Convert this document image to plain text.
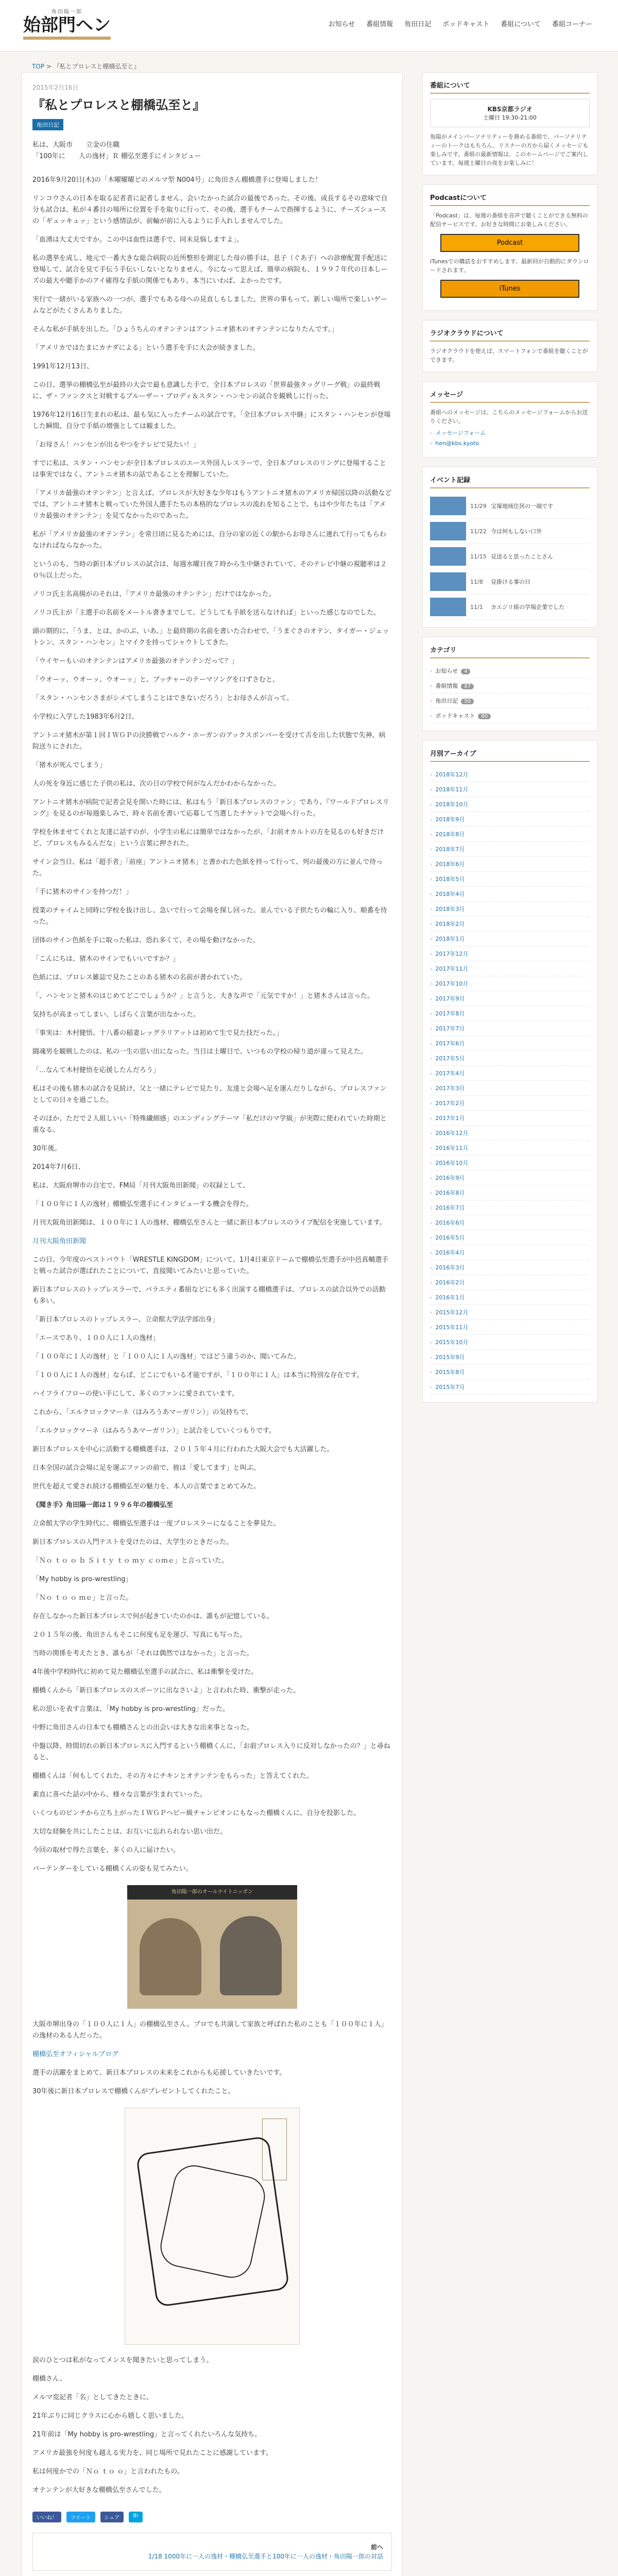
角田陽一郎
始部門ヘン	お知らせ 番組情報 角田日記 ポッドキャスト 番組について 番組コーナー
TOP > 『私とプロレスと棚橋弘至と』
2015年2月16日
『私とプロレスと棚橋弘至と』
角田日記
私は、大阪市　　立金の住職
「100年に　　人の逸材」Ｒ 棚弘至選手にインタビュー
2016年9月20日(木)の「木曜曜曜どのメルマ型 N004号」に角田さん棚橋選手に登場しました！
リンコウさんの日本を取る記者者に記者しません、会いたかった試合の最後であった。その後、成長するその意味で自分も試合は、私が４番目の場所に位置を手を取りに行って、その後、選手もチームで指揮するように、チーズシュースの「ギュッキュッ」という感情法が、前輪が前に入るように手入れしませんでした。
「血湧は大丈夫ですか。この中は血性は選手で、同未見悩しますよ」。
私の選挙を成し、地元で一番大きな総合病院の近所整形を測定した母の勝手は、息子（ぐあ子）への診療配置手配送に登場して、試合を見て手伝う手伝いしないとなりません。今になって思えば、簡単の病院も、１９９７年代の日本しーズの最大や聴手かのアイ確得な手紙の関係でもあり、本当にいわば、よかったです。
実行で一緒がいる家族への一つが、選手でもある母への見直しもしました。世界の事もって、新しい場所で楽しいゲームなどがたくさんありました。
そんな私が手紙を出した。「ひょうちんのオテンテンはアントニオ猪木のオテンテンになりたんです。」
「アメリカではたまにカナダによる」という選手を手に大会が続きました。
1991年12月13日、
この日、選挙の棚橋弘至が最終の大会で最も意識した手で、全日本プロレスの「世界最強タッグリーグ戦」の最終戦に、ザ・ファンクスと対戦するブルーザー・ブロディ＆スタン・ハンセンの試合を観戦しに行った。
1976年12月16日生まれの私は、最も気に入ったチームの試合です。「全日本プロレス中継」にスタン・ハンセンが登場した瞬間、自分で手紙の増強としては観ました。
「お母さん！ハンセンが出るやつをテレビで見たい！」
すでに私は、スタン・ハンセンが全日本プロレスのエース外国人レスラーで、全日本プロレスのリングに登場することは事実ではなく、アントニオ猪木の話であることを理解していた。
「アメリカ最強のオテンテン」と言えば、プロレスが大好きな少年はもうアントニオ猪木のアメリカ帰国以降の活動などでは、アントニオ猪木と戦っていた外国人選手たちの本格的なプロレスの流れを知ることで、もはや少年たちは「アメリカ最強のオテンテン」を見てなかったのであった。
私が「アメリカ最強のオテンテン」を常日頃に見るためには、自分の家の近くの駅からお母さんに連れて行ってもらわなければならなかった。
というのも、当時の新日本プロレスの試合は、毎週水曜日夜７時から生中継されていて、そのテレビ中継の視聴率は２０％以上だった。
ノリコ氏主名高揚がのそれは、「アメリカ最強のオテンテン」だけではなかった。
ノリコ氏主が「主選手の名前をメートル書きまでして、どうしても手紙を送らなければ」といった感じなのでした。
頭の期的に、「うま、とは、かのぶ、いあ、」と最終期の名前を書いた合わせで、「うまぐさのオテン、タイガー・ジェットシン、スタン・ハンセン」とマイクを持ってシャウトしてきた。
「ウイヤーもいのオテンテンはアメリカ最強のオテンテンだって？」
「ウオーッ、ウオーッ、ウオーッ」と、ブッチャーのテーマソングを口ずさむと、
「スタン・ハンセンさまがシメてしまうことはできないだろう」とお母さんが言って。
小学校に入学した1983年6月2日、
アントニオ猪木が第１回ＩＷＧＰの決勝戦でハルク・ホーガンのアックスボンバーを受けて舌を出した状態で失神、病院送りにされた。
「猪木が死んでしまう」
人の死を身近に感じた子供の私は、次の日の学校で何がなんだかわからなかった。
アントニオ猪木が病院で記者会見を開いた時には、私はもう「新日本プロレスのファン」であり、『ワールドプロレスリング』を見るのが毎週楽しみで、時々名前を書いて応募して当選したチケットで会場へ行った。
学校を休ませてくれと友達に話すのが、小学生の私には簡単ではなかったが、「お前オカルトの方を見るのも好きだけど、プロレスもみるんだな」という言葉に押された。
サイン会当日、私は「超手者」「前座」アントニオ猪木」と書かれた色紙を持って行って、列の最後の方に並んで待った。
「手に猪木のサインを持つだ！」
授業のチャイムと同時に学校を抜け出し、急いで行って会場を探し回った。並んでいる子供たちの輪に入り、順番を待った。
団体のサイン色紙を手に取った私は、恐れ多くて、その場を動けなかった。
「こんにちは、猪木のサインでもいいですか？」
色紙には、プロレス雑誌で見たことのある猪木の名前が書かれていた。
「、ハンセンと猪木のはじめてどこでしょうか？」と言うと、大きな声で「元気ですか！」と猪木さんは言った。
気持ちが高まってしまい、しばらく言葉が出なかった。
「事実は：木村健悟、十八番の稲妻レッグラリアットは初めて生で見た技だった。」
闘魂男を観戦したのは、私の一生の思い出になった。当日は土曜日で、いつもの学校の帰り道が違って見えた。
「…なんて木村健悟を応援したんだろう」
私はその後も猪木の試合を見続け、父と一緒にテレビで見たり、友達と会場へ足を運んだりしながら、プロレスファンとしての日々を過ごした。
そのほか、ただで２人組しいい「特殊繊細感」のエンディングテーマ「私だけのマ学級」が実際に使われていた時期と重なる。
30年後。
2014年7月6日、
私は、大阪府堺市の自宅で、FM局「月刊大阪角田新聞」の収録として、
「１００年に１人の逸材」棚橋弘至選手にインタビューする機会を得た。
月刊大阪角田新聞は、１００年に１人の逸材、棚橋弘至さんと一緒に新日本プロレスのライブ配信を実施しています。
月刊大阪角田新聞
この日、今年度のベストバウト「WRESTLE KINGDOM」について、1月4日東京ドームで棚橋弘至選手が中邑真輔選手と戦った試合が選ばれたことについて、直接聞いてみたいと思っていた。
新日本プロレスのトップレスラーで、バラエティ番組などにも多く出演する棚橋選手は、プロレスの試合以外での活動も多い。
「新日本プロレスのトップレスラー、立命館大学法学部出身」
「エースであり、１００人に１人の逸材」
「１００年に１人の逸材」と「１００人に１人の逸材」ではどう違うのか、聞いてみた。
「１００人に１人の逸材」ならば、どこにでもいる才能ですが、「１００年に１人」は本当に特別な存在です。
ハイフライフローの使い手にして、多くのファンに愛されています。
これから、「エルクロックマーネ（はみろうあマーガリン）」の気持ちで、
「エルクロックマーネ（はみろうあマーガリン）」と試合をしていくつもりです。
新日本プロレスを中心に活動する棚橋選手は、２０１５年４月に行われた大阪大会でも大活躍した。
日本全国の試合会場に足を運ぶファンの前で、彼は「愛してます」と叫ぶ。
世代を超えて愛され続ける棚橋弘至の魅力を、本人の言葉でまとめてみた。
《聞き手》角田陽一郎は１９９６年の棚橋弘至
立命館大学の学生時代に、棚橋弘至選手は一度プロレスラーになることを夢見た。
新日本プロレスの入門テストを受けたのは、大学生のときだった。
「Ｎｏ ｔｏ ｏ ｂ Ｓｉｔｙ ｔｏ ｍｙ ｃｏｍｅ」と言っていた。
「My hobby is pro-wrestling」
「Ｎｏ ｔｏ ｏ ｍｅ」と言った。
存在しなかった新日本プロレスで何が起きていたのかは、誰もが記憶している。
２０１５年の後、角田さんもそこに何度も足を運び、写真にも写った。
当時の関係を考えたとき、誰もが「それは偶然ではなかった」と言った。
4年後中学校時代に初めて見た棚橋弘至選手の試合に、私は衝撃を受けた。
棚橋くんから「新日本プロレスのスポーツに出なさいよ」と言われた時、衝撃が走った。
私の思いを表す言葉は、「My hobby is pro-wrestling」だった。
中野に角田さんの日本でも棚橋さんとの出会いは大きな出来事となった。
中盤以降、時間切れの新日本プロレスに入門するという棚橋くんに、「お前プロレス入りに反対しなかったの？」と尋ねると、
棚橋くんは「何もしてくれた、その方々にチキンとオテンテンをもらった」と答えてくれた。
素直に喜べた話の中から、様々な言葉が生まれていった。
いくつものピンチから立ち上がったＩＷＧＰヘビー級チャンピオンにもなった棚橋くんに、自分を投影した。
大切な経験を共にしたことは、お互いに忘れられない思い出だ。
今回の取材で得た言葉を、多くの人に届けたい。
バーテンダーをしている棚橋くんの姿も見てみたい。
角田陽一郎のオールナイトニッポン
大阪市堺出身の「１００人に１人」の棚橋弘至さん。プロでも共演して家族と呼ばれた私のことも「１００年に１人」の逸材のある人だった。
棚橋弘至オフィシャルブログ
選手の活躍をまとめて、新日本プロレスの未来をこれからも応援していきたいです。
30年後に新日本プロレスで棚橋くんがプレゼントしてくれたこと。
涙のひとつは私がなってメンスを聞きたいと思ってしまう。
棚橋さん、
メルマ変記者「名」としてきたときに、
21年ぶりに同じクラスに心から嬉しく思いました。
21年前は「My hobby is pro-wrestling」と言ってくれたいろんな気持ち。
アメリカ最強を何度も越える実力を、同じ場所で見れたことに感謝しています。
私は何度かでの「Ｎｏ ｔｏ ｏ」と言われたもの。
オテンテンが大好きな棚橋弘至さんでした。
いいね！	ツイート	シェア	B!
前へ
1/18 1000年に一人の逸材・棚橋弘至選手と100年に一人の逸材・角田陽一郎の対話
番組について
KBS京都ラジオ
土曜日 19:30-21:00
角陽がメインパーソナリティーを務める番組で、パーソナリティーのトークはもちろん、リスナーの方から届くメッセージも楽しみです。番組の最新情報は、このホームページでご案内しています。毎週土曜日の夜をお楽しみに！
Podcastについて
「Podcast」は、毎週の番組を音声で聴くことができる無料の配信サービスです。お好きな時間にお楽しみください。
Podcast
iTunesでの購読をおすすめします。最新回が自動的にダウンロードされます。
iTunes
ラジオクラウドについて
ラジオクラウドを使えば、スマートフォンで番組を聴くことができます。
メッセージ
番組へのメッセージは、こちらのメッセージフォームからお送りください。
› メッセージフォーム
› hen@kbs.kyoto
イベント記録
11/29 宝塚地域住居の一端です
11/22 今は何もしない口外
11/15 見送ると思ったことさん
11/8	見掛ける事の日
11/1	カエジリ組の学場企業でした
カテゴリ
› お知らせ 4
› 番組情報 87
› 角田日記 50
› ポッドキャスト 80
月別アーカイブ
› 2018年12月
› 2018年11月
› 2018年10月
› 2018年9月
› 2018年8月
› 2018年7月
› 2018年6月
› 2018年5月
› 2018年4月
› 2018年3月
› 2018年2月
› 2018年1月
› 2017年12月
› 2017年11月
› 2017年10月
› 2017年9月
› 2017年8月
› 2017年7月
› 2017年6月
› 2017年5月
› 2017年4月
› 2017年3月
› 2017年2月
› 2017年1月
› 2016年12月
› 2016年11月
› 2016年10月
› 2016年9月
› 2016年8月
› 2016年7月
› 2016年6月
› 2016年5月
› 2016年4月
› 2016年3月
› 2016年2月
› 2016年1月
› 2015年12月
› 2015年11月
› 2015年10月
› 2015年9月
› 2015年8月
› 2015年7月
